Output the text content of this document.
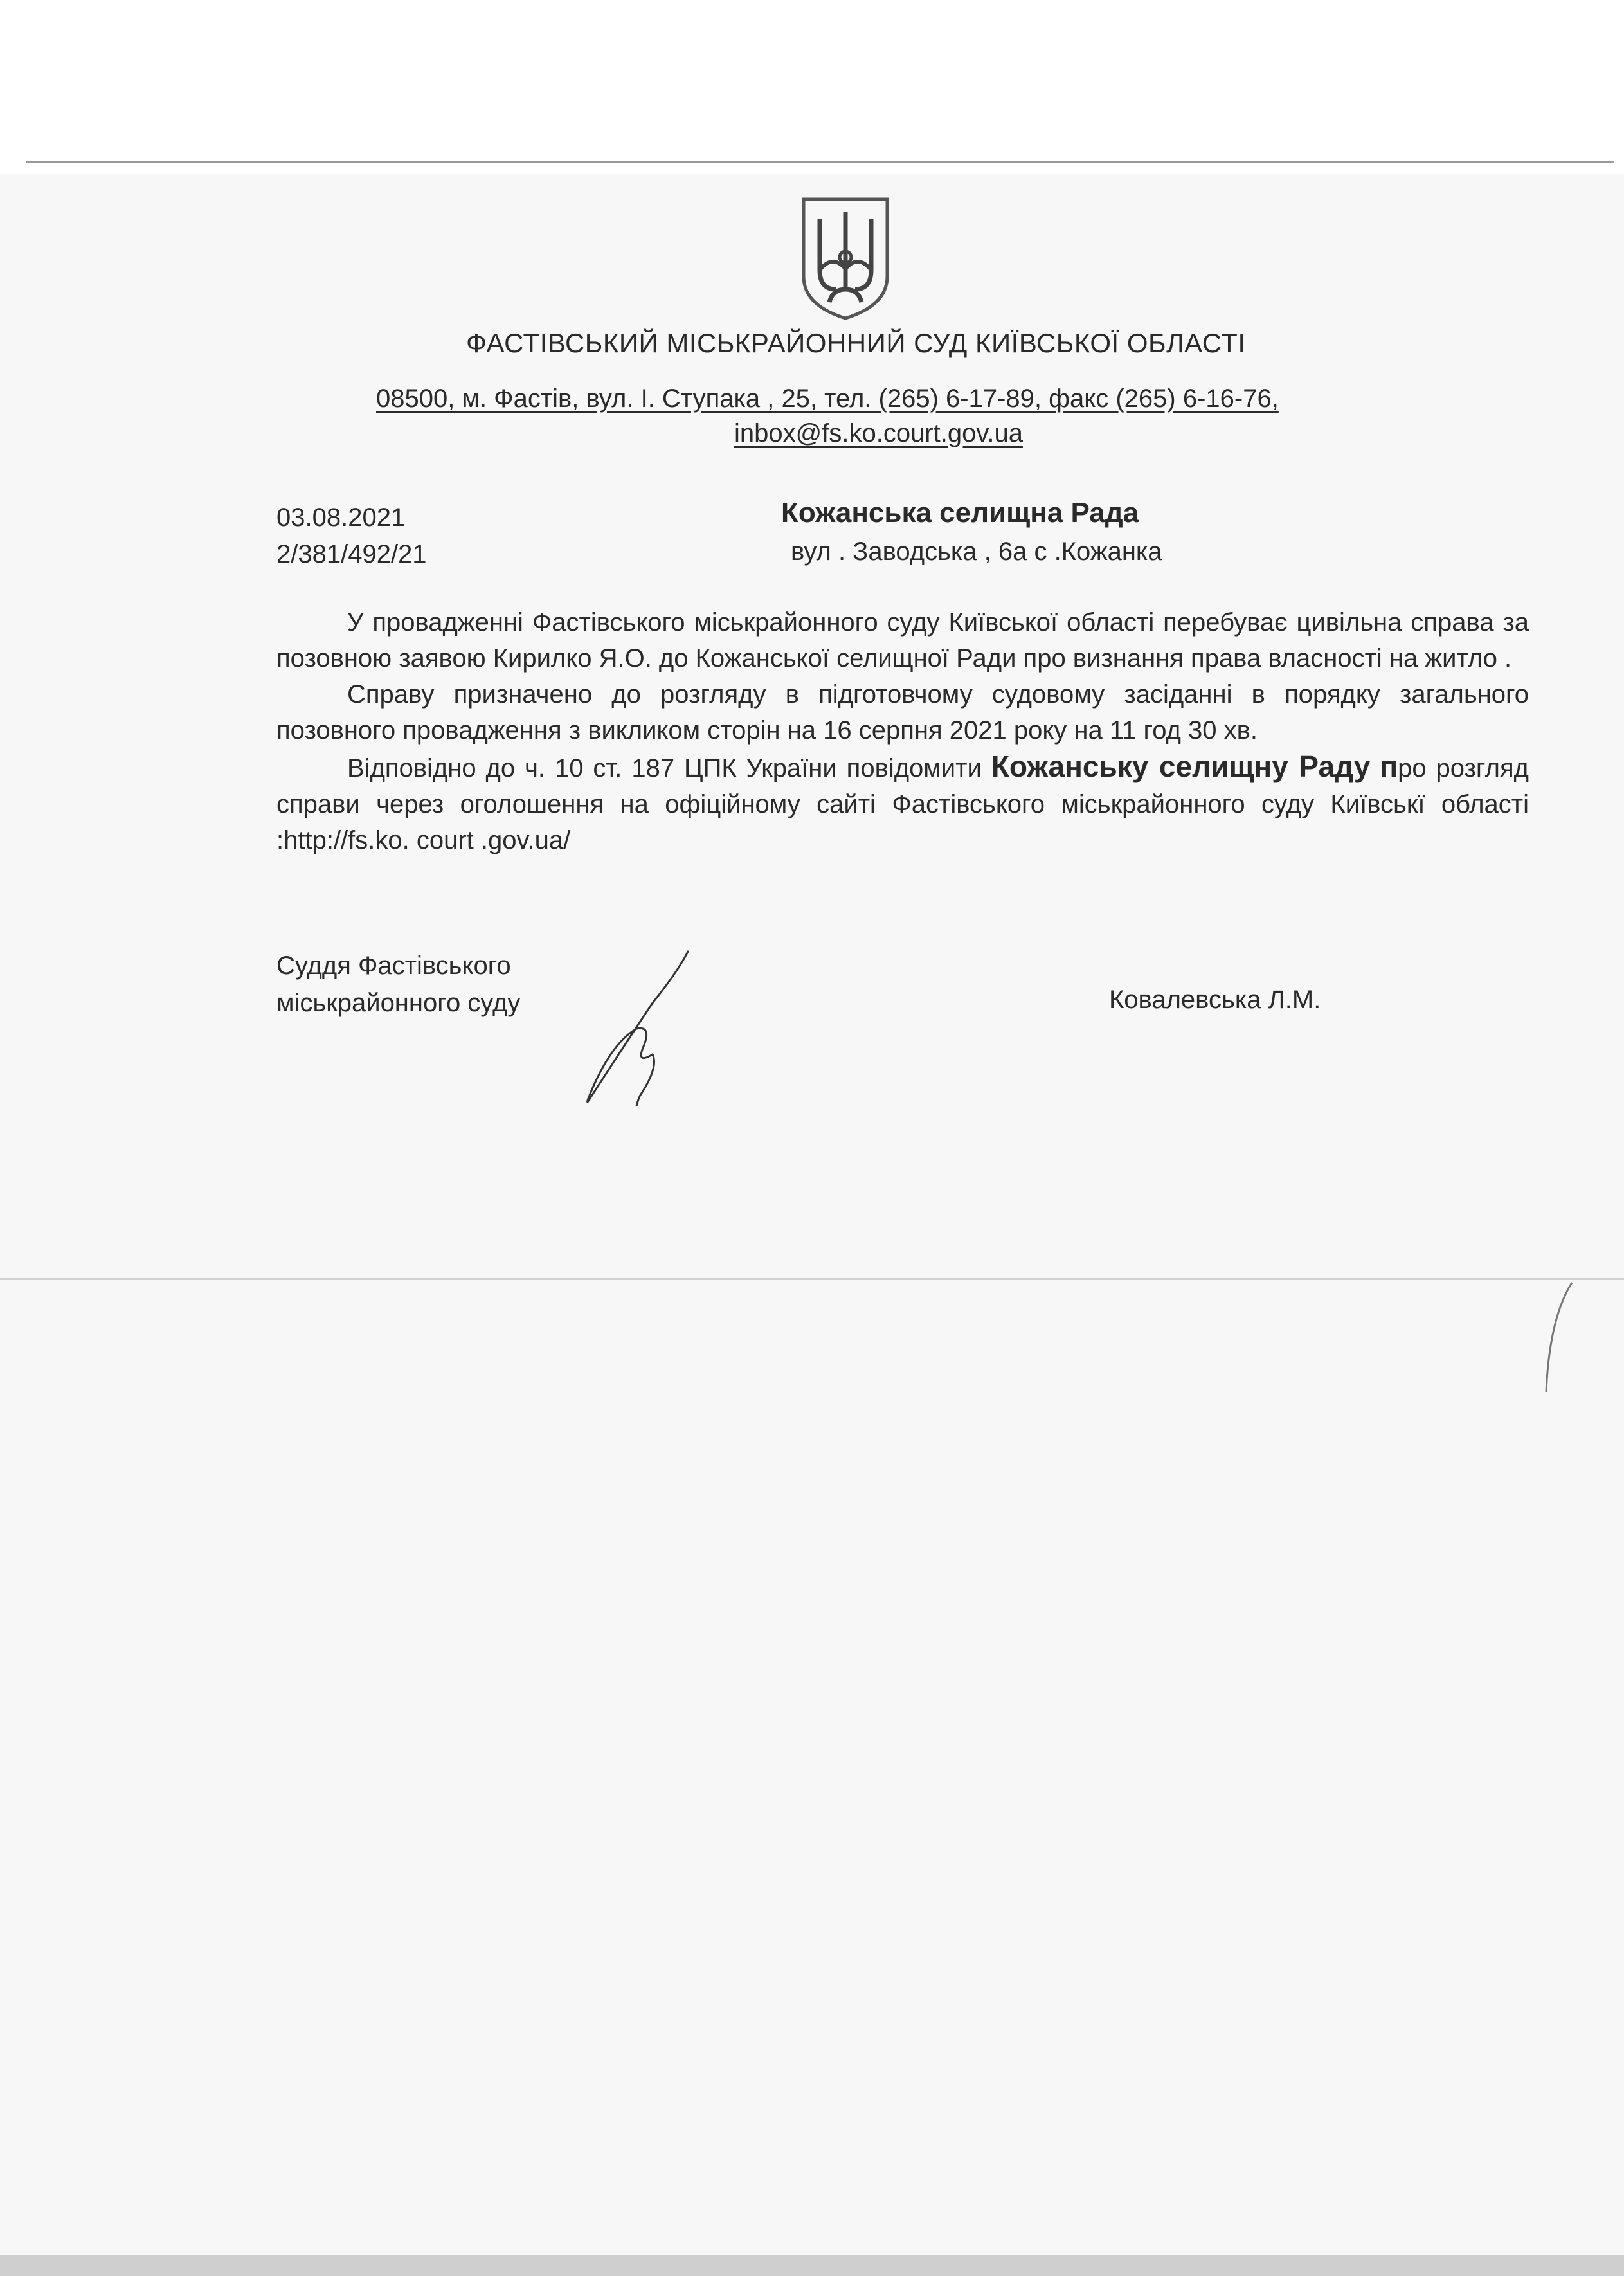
ФАСТІВСЬКИЙ МІСЬКРАЙОННИЙ СУД КИЇВСЬКОЇ ОБЛАСТІ
08500, м. Фастів, вул. І. Ступака , 25, тел. (265) 6-17-89, факс (265) 6-16-76,
inbox@fs.ko.court.gov.ua
03.08.2021
2/381/492/21
Кожанська селищна Рада
вул . Заводська , 6а с .Кожанка

У провадженні Фастівського міськрайонного суду Київської області перебуває цивільна справа за позовною заявою Кирилко Я.О. до Кожанської селищної Ради про визнання права власності на житло .

Справу призначено до розгляду в підготовчому судовому засіданні в порядку загального позовного провадження з викликом сторін на 16 серпня 2021 року на 11 год 30 хв.

Відповідно до ч. 10 ст. 187 ЦПК України повідомити Кожанську селищну Раду про розгляд справи через оголошення на офіційному сайті Фастівського міськрайонного суду Київськї області :http://fs.ko. court .gov.ua/

Суддя Фастівського
міськрайонного суду	Ковалевська Л.М.
